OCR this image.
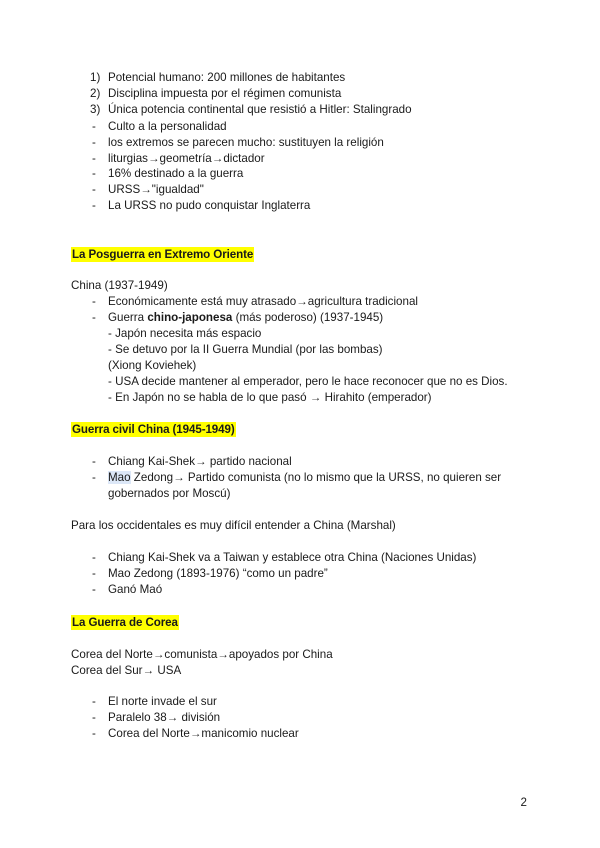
1) Potencial humano: 200 millones de habitantes
2) Disciplina impuesta por el régimen comunista
3) Única potencia continental que resistió a Hitler: Stalingrado
- Culto a la personalidad
- los extremos se parecen mucho: sustituyen la religión
- liturgias→geometría→dictador
- 16% destinado a la guerra
- URSS→"igualdad"
- La URSS no pudo conquistar Inglaterra
La Posguerra en Extremo Oriente
China (1937-1949)
- Económicamente está muy atrasado→agricultura tradicional
- Guerra chino-japonesa (más poderoso) (1937-1945)
- Japón necesita más espacio
- Se detuvo por la II Guerra Mundial (por las bombas)
(Xiong Koviehek)
- USA decide mantener al emperador, pero le hace reconocer que no es Dios.
- En Japón no se habla de lo que pasó → Hirahito (emperador)
Guerra civil China (1945-1949)
- Chiang Kai-Shek→ partido nacional
- Mao Zedong→ Partido comunista (no lo mismo que la URSS, no quieren ser
gobernados por Moscú)
Para los occidentales es muy difícil entender a China (Marshal)
- Chiang Kai-Shek va a Taiwan y establece otra China (Naciones Unidas)
- Mao Zedong (1893-1976) “como un padre”
- Ganó Maó
La Guerra de Corea
Corea del Norte→comunista→apoyados por China
Corea del Sur→ USA
- El norte invade el sur
- Paralelo 38→ división
- Corea del Norte→manicomio nuclear
2
